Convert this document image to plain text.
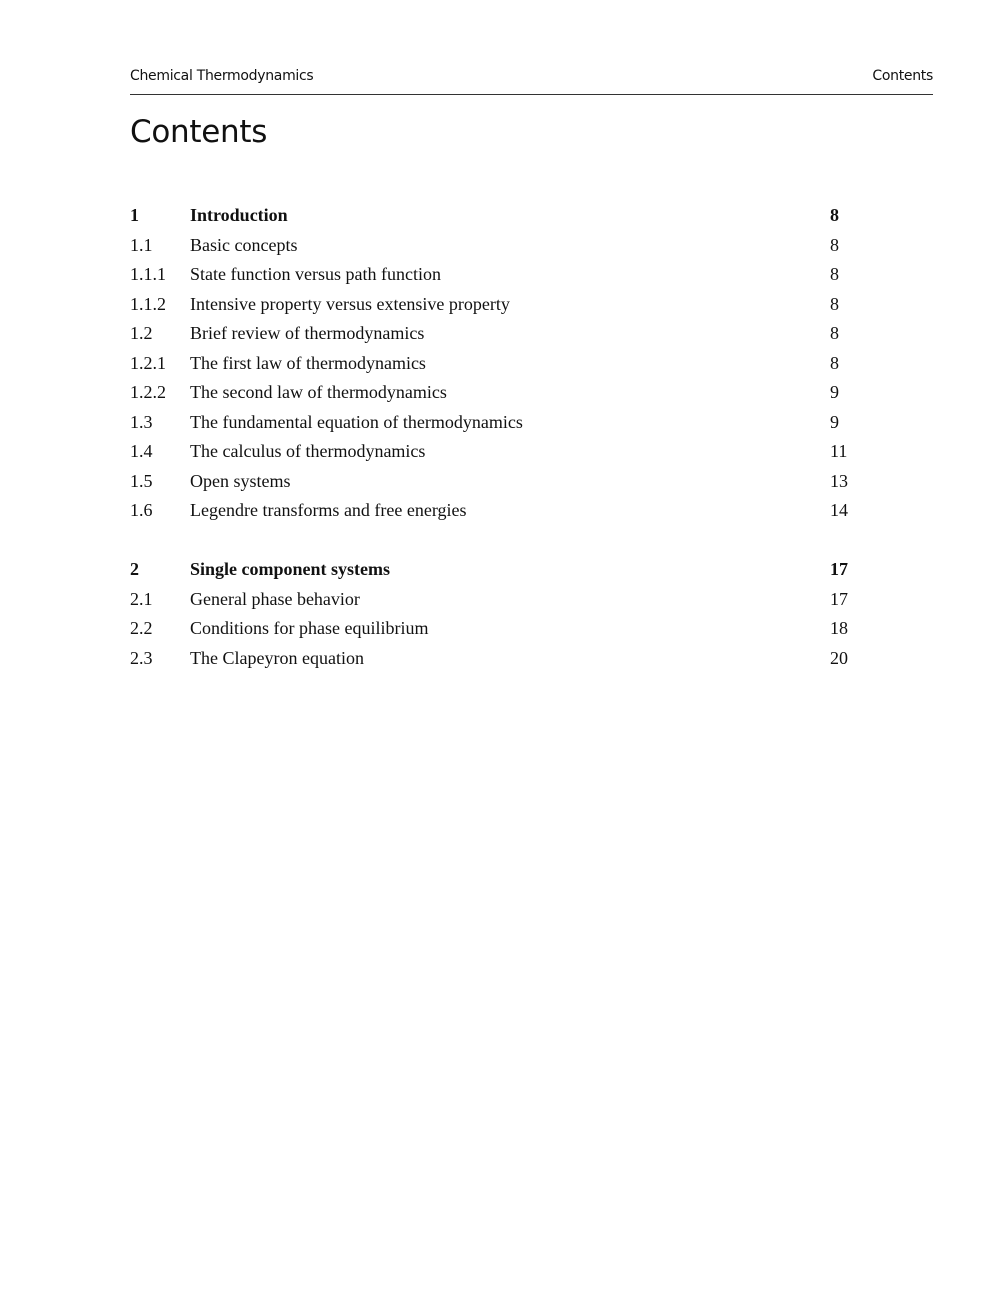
Chemical Thermodynamics	Contents
Contents
1	Introduction	8
1.1 Basic concepts	8
1.1.1 State function versus path function	8
1.1.2 Intensive property versus extensive property	8
1.2 Brief review of thermodynamics	8
1.2.1 The first law of thermodynamics	8
1.2.2 The second law of thermodynamics	9
1.3 The fundamental equation of thermodynamics	9
1.4 The calculus of thermodynamics	11
1.5 Open systems	13
1.6 Legendre transforms and free energies	14
2	Single component systems	17
2.1 General phase behavior	17
2.2 Conditions for phase equilibrium	18
2.3 The Clapeyron equation	20
